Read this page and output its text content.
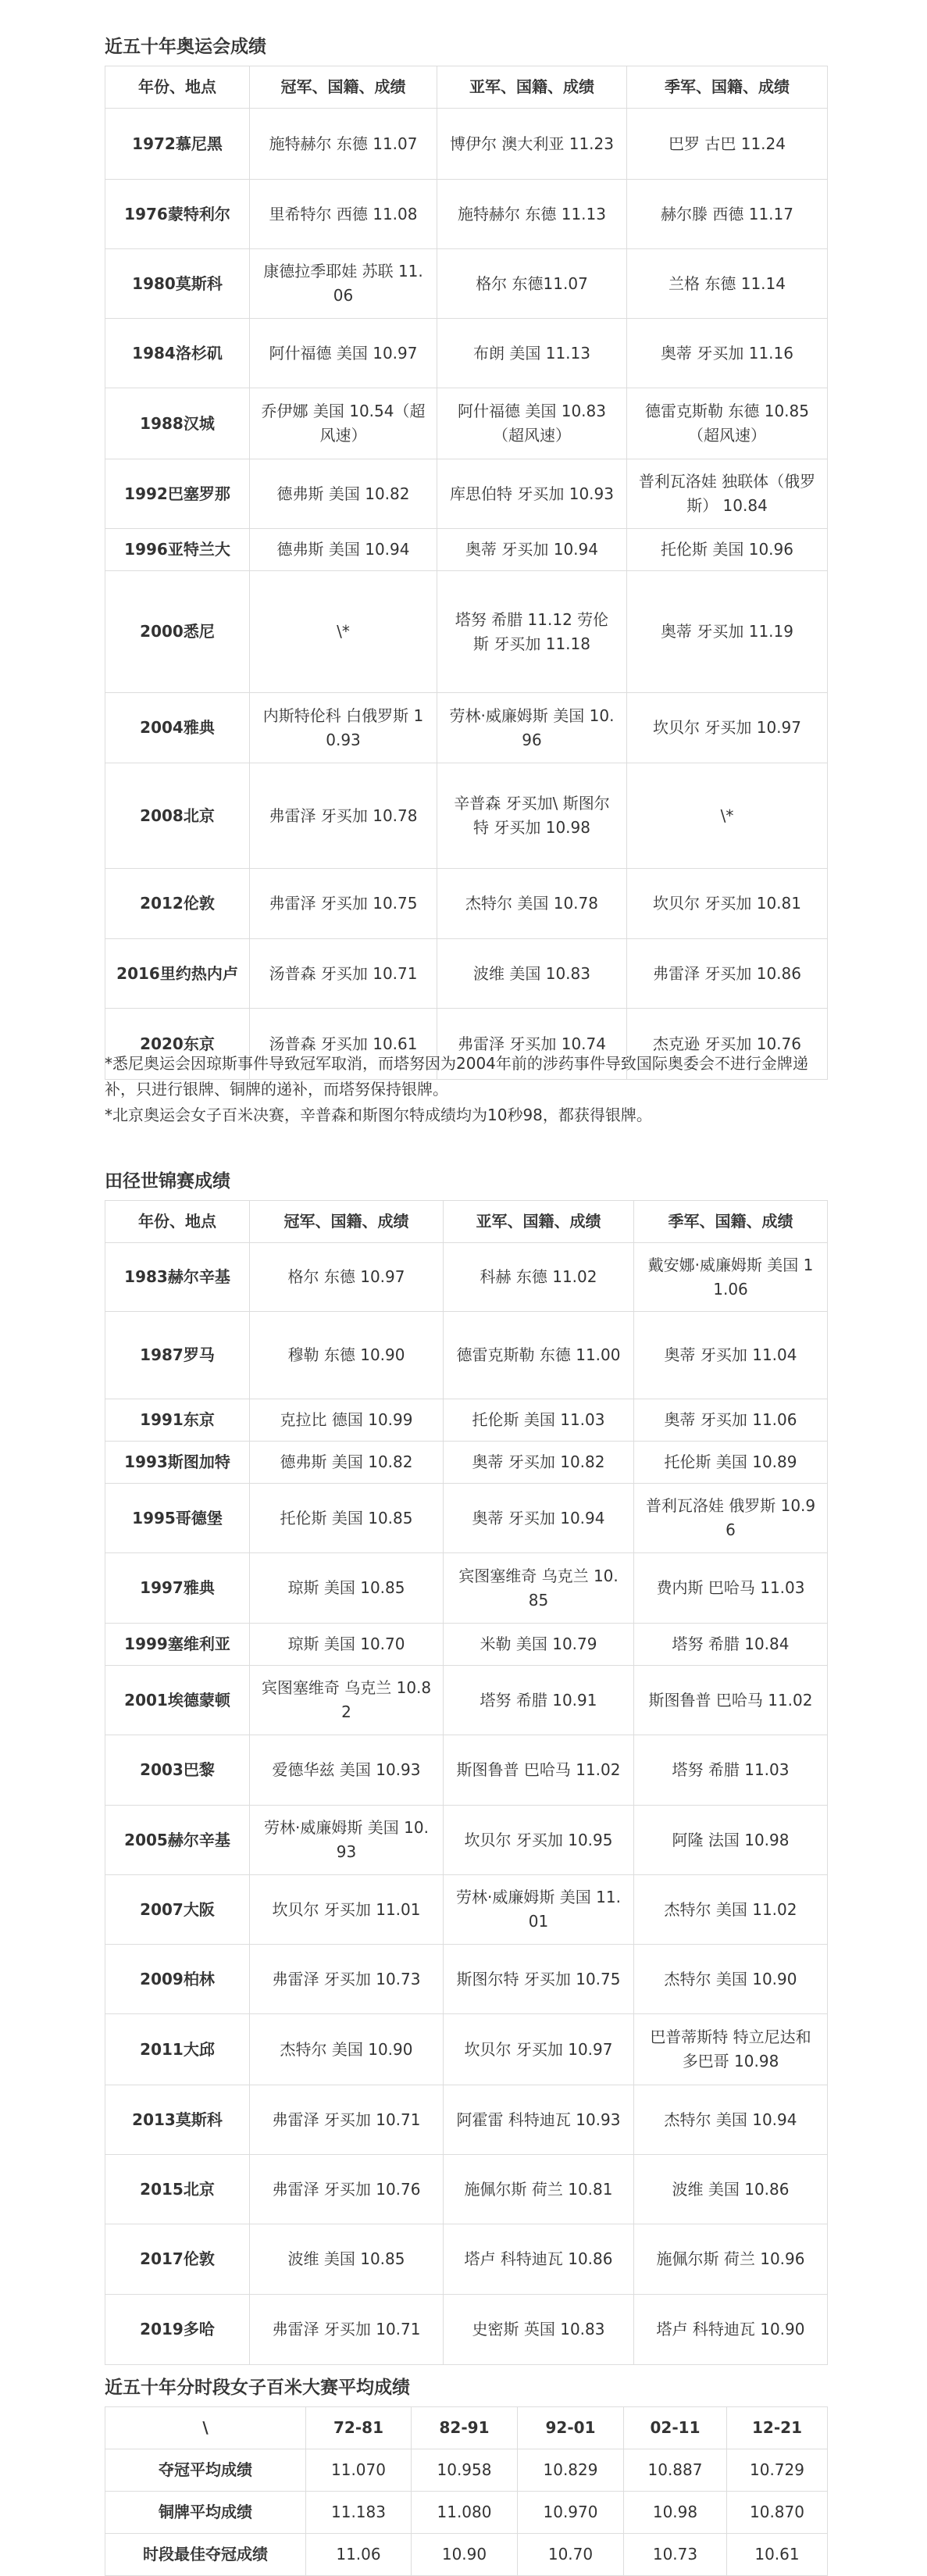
近五十年奥运会成绩
年份、地点	冠军、国籍、成绩	亚军、国籍、成绩	季军、国籍、成绩
1972慕尼黑	施特赫尔 东德 11.07	博伊尔 澳大利亚 11.23	巴罗 古巴 11.24
1976蒙特利尔	里希特尔 西德 11.08	施特赫尔 东德 11.13	赫尔滕 西德 11.17
1980莫斯科	康德拉季耶娃 苏联 11.06	格尔 东德11.07	兰格 东德 11.14
1984洛杉矶	阿什福德 美国 10.97	布朗 美国 11.13	奥蒂 牙买加 11.16
1988汉城	乔伊娜 美国 10.54（超风速）	阿什福德 美国 10.83（超风速）	德雷克斯勒 东德 10.85（超风速）
1992巴塞罗那	德弗斯 美国 10.82	库思伯特 牙买加 10.93	普利瓦洛娃 独联体（俄罗斯） 10.84
1996亚特兰大	德弗斯 美国 10.94	奥蒂 牙买加 10.94	托伦斯 美国 10.96
2000悉尼	\*	塔努 希腊 11.12 劳伦斯 牙买加 11.18	奥蒂 牙买加 11.19
2004雅典	内斯特伦科 白俄罗斯 10.93	劳林·威廉姆斯 美国 10.96	坎贝尔 牙买加 10.97
2008北京	弗雷泽 牙买加 10.78	辛普森 牙买加\ 斯图尔特 牙买加 10.98	\*
2012伦敦	弗雷泽 牙买加 10.75	杰特尔 美国 10.78	坎贝尔 牙买加 10.81
2016里约热内卢	汤普森 牙买加 10.71	波维 美国 10.83	弗雷泽 牙买加 10.86
2020东京	汤普森 牙买加 10.61	弗雷泽 牙买加 10.74	杰克逊 牙买加 10.76

*悉尼奥运会因琼斯事件导致冠军取消，而塔努因为2004年前的涉药事件导致国际奥委会不进行金牌递补，只进行银牌、铜牌的递补，而塔努保持银牌。

*北京奥运会女子百米决赛，辛普森和斯图尔特成绩均为10秒98，都获得银牌。

田径世锦赛成绩
年份、地点	冠军、国籍、成绩	亚军、国籍、成绩	季军、国籍、成绩
1983赫尔辛基	格尔 东德 10.97	科赫 东德 11.02	戴安娜·威廉姆斯 美国 11.06
1987罗马	穆勒 东德 10.90	德雷克斯勒 东德 11.00	奥蒂 牙买加 11.04
1991东京	克拉比 德国 10.99	托伦斯 美国 11.03	奥蒂 牙买加 11.06
1993斯图加特	德弗斯 美国 10.82	奥蒂 牙买加 10.82	托伦斯 美国 10.89
1995哥德堡	托伦斯 美国 10.85	奥蒂 牙买加 10.94	普利瓦洛娃 俄罗斯 10.96
1997雅典	琼斯 美国 10.85	宾图塞维奇 乌克兰 10.85	费内斯 巴哈马 11.03
1999塞维利亚	琼斯 美国 10.70	米勒 美国 10.79	塔努 希腊 10.84
2001埃德蒙顿	宾图塞维奇 乌克兰 10.82	塔努 希腊 10.91	斯图鲁普 巴哈马 11.02
2003巴黎	爱德华兹 美国 10.93	斯图鲁普 巴哈马 11.02	塔努 希腊 11.03
2005赫尔辛基	劳林·威廉姆斯 美国 10.93	坎贝尔 牙买加 10.95	阿隆 法国 10.98
2007大阪	坎贝尔 牙买加 11.01	劳林·威廉姆斯 美国 11.01	杰特尔 美国 11.02
2009柏林	弗雷泽 牙买加 10.73	斯图尔特 牙买加 10.75	杰特尔 美国 10.90
2011大邱	杰特尔 美国 10.90	坎贝尔 牙买加 10.97	巴普蒂斯特 特立尼达和多巴哥 10.98
2013莫斯科	弗雷泽 牙买加 10.71	阿霍雷 科特迪瓦 10.93	杰特尔 美国 10.94
2015北京	弗雷泽 牙买加 10.76	施佩尔斯 荷兰 10.81	波维 美国 10.86
2017伦敦	波维 美国 10.85	塔卢 科特迪瓦 10.86	施佩尔斯 荷兰 10.96
2019多哈	弗雷泽 牙买加 10.71	史密斯 英国 10.83	塔卢 科特迪瓦 10.90
近五十年分时段女子百米大赛平均成绩
\	72-81	82-91	92-01	02-11	12-21
夺冠平均成绩	11.070	10.958	10.829	10.887	10.729
铜牌平均成绩	11.183	11.080	10.970	10.98	10.870
时段最佳夺冠成绩	11.06	10.90	10.70	10.73	10.61
